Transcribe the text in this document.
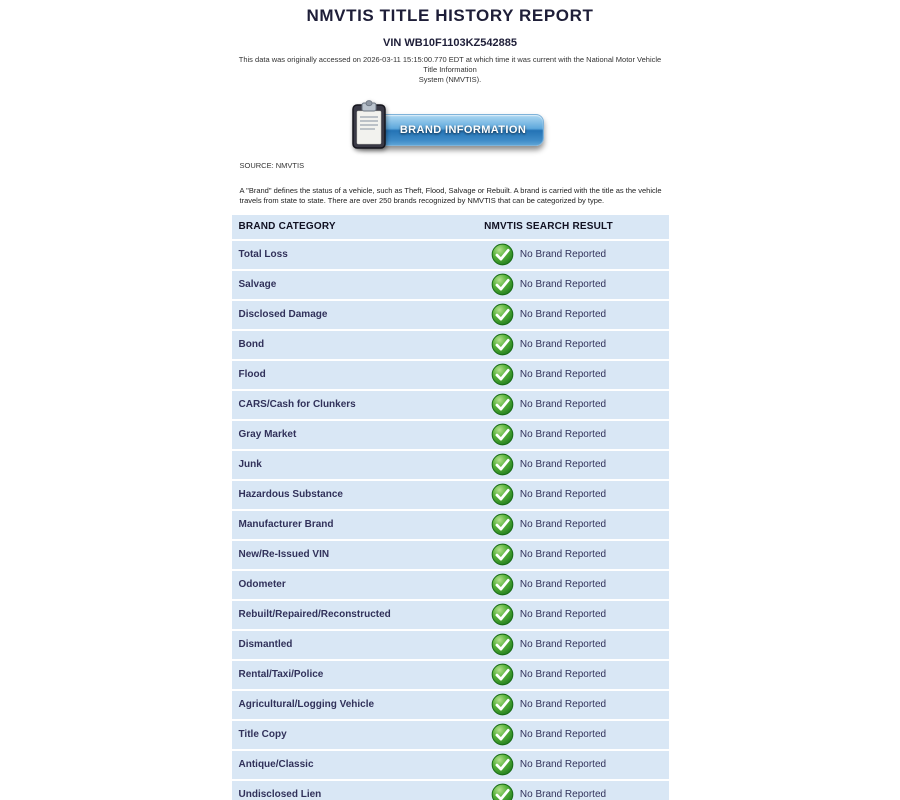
NMVTIS TITLE HISTORY REPORT
VIN WB10F1103KZ542885
This data was originally accessed on 2026-03-11 15:15:00.770 EDT at which time it was current with the National Motor Vehicle Title Information
System (NMVTIS).
BRAND INFORMATION
SOURCE: NMVTIS

A "Brand" defines the status of a vehicle, such as Theft, Flood, Salvage or Rebuilt. A brand is carried with the title as the vehicle travels from state to state. There are over 250 brands recognized by NMVTIS that can be categorized by type.

BRAND CATEGORY	NMVTIS SEARCH RESULT
Total Loss	No Brand Reported
Salvage	No Brand Reported
Disclosed Damage	No Brand Reported
Bond	No Brand Reported
Flood	No Brand Reported
CARS/Cash for Clunkers	No Brand Reported
Gray Market	No Brand Reported
Junk	No Brand Reported
Hazardous Substance	No Brand Reported
Manufacturer Brand	No Brand Reported
New/Re-Issued VIN	No Brand Reported
Odometer	No Brand Reported
Rebuilt/Repaired/Reconstructed	No Brand Reported
Dismantled	No Brand Reported
Rental/Taxi/Police	No Brand Reported
Agricultural/Logging Vehicle	No Brand Reported
Title Copy	No Brand Reported
Antique/Classic	No Brand Reported
Undisclosed Lien	No Brand Reported
